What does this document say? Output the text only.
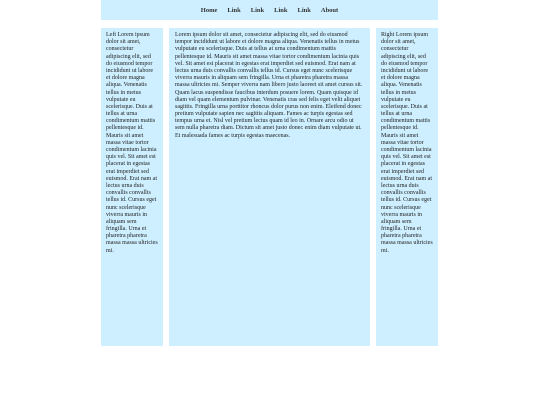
Home Link Link Link Link About

Left Lorem ipsum dolor sit amet, consectetur adipiscing elit, sed do eiusmod tempor incididunt ut labore et dolore magna aliqua. Venenatis tellus in metus vulputate eu scelerisque. Duis at tellus at urna condimentum mattis pellentesque id. Mauris sit amet massa vitae tortor condimentum lacinia quis vel. Sit amet est placerat in egestas erat imperdiet sed euismod. Erat nam at lectus urna duis convallis convallis tellus id. Cursus eget nunc scelerisque viverra mauris in aliquam sem fringilla. Urna et pharetra pharetra massa massa ultricies mi.

Lorem ipsum dolor sit amet, consectetur adipiscing elit, sed do eiusmod tempor incididunt ut labore et dolore magna aliqua. Venenatis tellus in metus vulputate eu scelerisque. Duis at tellus at urna condimentum mattis pellentesque id. Mauris sit amet massa vitae tortor condimentum lacinia quis vel. Sit amet est placerat in egestas erat imperdiet sed euismod. Erat nam at lectus urna duis convallis convallis tellus id. Cursus eget nunc scelerisque viverra mauris in aliquam sem fringilla. Urna et pharetra pharetra massa massa ultricies mi. Semper viverra nam libero justo laoreet sit amet cursus sit. Quam lacus suspendisse faucibus interdum posuere lorem. Quam quisque id diam vel quam elementum pulvinar. Venenatis cras sed felis eget velit aliquet sagittis. Fringilla urna porttitor rhoncus dolor purus non enim. Eleifend donec pretium vulputate sapien nec sagittis aliquam. Fames ac turpis egestas sed tempus urna et. Nisl vel pretium lectus quam id leo in. Ornare arcu odio ut sem nulla pharetra diam. Dictum sit amet justo donec enim diam vulputate ut. Et malesuada fames ac turpis egestas maecenas.

Right Lorem ipsum dolor sit amet, consectetur adipiscing elit, sed do eiusmod tempor incididunt ut labore et dolore magna aliqua. Venenatis tellus in metus vulputate eu scelerisque. Duis at tellus at urna condimentum mattis pellentesque id. Mauris sit amet massa vitae tortor condimentum lacinia quis vel. Sit amet est placerat in egestas erat imperdiet sed euismod. Erat nam at lectus urna duis convallis convallis tellus id. Cursus eget nunc scelerisque viverra mauris in aliquam sem fringilla. Urna et pharetra pharetra massa massa ultricies mi.
